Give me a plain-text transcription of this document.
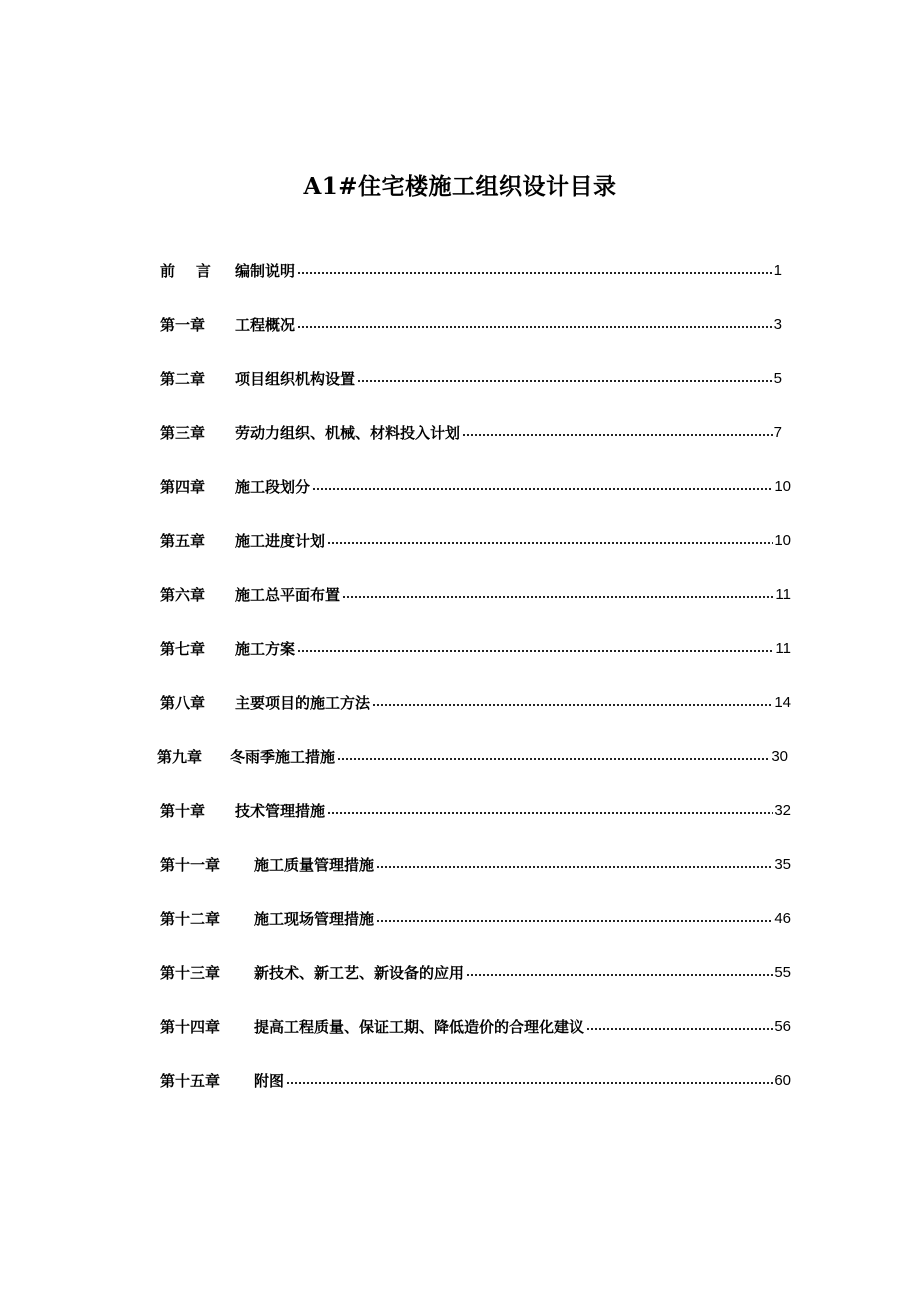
A1#住宅楼施工组织设计目录
前    言	编制说明	1
第一章	工程概况	3
第二章	项目组织机构设置	5
第三章	劳动力组织、机械、材料投入计划	7
第四章	施工段划分	10
第五章	施工进度计划	10
第六章	施工总平面布置	11
第七章	施工方案	11
第八章	主要项目的施工方法	14
第九章	冬雨季施工措施	30
第十章	技术管理措施	32
第十一章	施工质量管理措施	35
第十二章	施工现场管理措施	46
第十三章	新技术、新工艺、新设备的应用	55
第十四章	提高工程质量、保证工期、降低造价的合理化建议	56
第十五章	附图	60
